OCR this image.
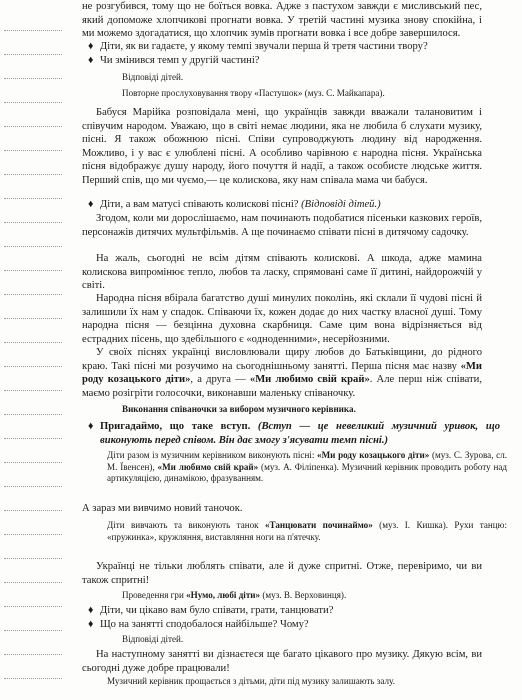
не розгубився, тому що не боїться вовка. Адже з пастухом завжди є мисливський пес, який допоможе хлопчикові прогнати вовка. У третій частині музика знову спокійна, і ми можемо здогадатися, що хлопчик зумів прогнати вовка і все добре завершилося.

♦ Діти, як ви гадаєте, у якому темпі звучали перша й третя частини твору?

♦ Чи змінився темп у другій частині?

Відповіді дітей.

Повторне прослуховування твору «Пастушок» (муз. С. Майкапара).

Бабуся Марійка розповідала мені, що українців завжди вважали талановитим і співучим народом. Уважаю, що в світі немає людини, яка не любила б слухати музику, пісні. Я також обожнюю пісні. Співи супроводжують людину від народження. Можливо, і у вас є улюблені пісні. А особливо чарівною є народна пісня. Українська пісня відображує душу народу, його почуття й надії, а також особисте людське життя. Перший спів, що ми чуємо,— це колискова, яку нам співала мама чи бабуся.

♦ Діти, а вам матусі співають колискові пісні? (Відповіді дітей.)

Згодом, коли ми дорослішаємо, нам починають подобатися пісеньки казкових героїв, персонажів дитячих мультфільмів. А ще починаємо співати пісні в дитячому садочку.

На жаль, сьогодні не всім дітям співають колискові. А шкода, адже мамина колискова випромінює тепло, любов та ласку, спрямовані саме її дитині, найдорожчій у світі.

Народна пісня вбірала багатство душі минулих поколінь, які склали її чудові пісні й залишили їх нам у спадок. Співаючи їх, кожен додає до них частку власної душі. Тому народна пісня — безцінна духовна скарбниця. Саме цим вона відрізняється від естрадних пісень, що здебільшого є «одноденними», несерйозними.

У своїх піснях українці висловлювали щиру любов до Батьківщини, до рідного краю. Такі пісні ми розучимо на сьогоднішньому занятті. Перша пісня має назву «Ми роду козацького діти», а друга — «Ми любимо свій край». Але перш ніж співати, маємо розігріти голосочки, виконавши маленьку співаночку.

Виконання співаночки за вибором музичного керівника.

♦ Пригадаймо, що таке вступ. (Вступ — це невеликий музичний уривок, що виконують перед співом. Він дає змогу з'ясувати темп пісні.)

Діти разом із музичним керівником виконують пісні: «Ми роду козацького діти» (муз. С. Зурова, сл. М. Ївенсен), «Ми любимо свій край» (муз. А. Філіпенка). Музичний керівник проводить роботу над артикуляцією, динамікою, фразуванням.

А зараз ми вивчимо новий таночок.

Діти вивчають та виконують танок «Танцювати починаймо» (муз. І. Кишка). Рухи танцю: «пружинка», кружляння, виставляння ноги на п'ятечку.

Українці не тільки люблять співати, але й дуже спритні. Отже, перевіримо, чи ви також спритні!

Проведення гри «Нумо, любі діти» (муз. В. Верховинця).

♦ Діти, чи цікаво вам було співати, грати, танцювати?

♦ Що на занятті сподобалося найбільше? Чому?

Відповіді дітей.

На наступному занятті ви дізнаєтеся ще багато цікавого про музику. Дякую всім, ви сьогодні дуже добре працювали!

Музичний керівник прощається з дітьми, діти під музику залишають залу.
